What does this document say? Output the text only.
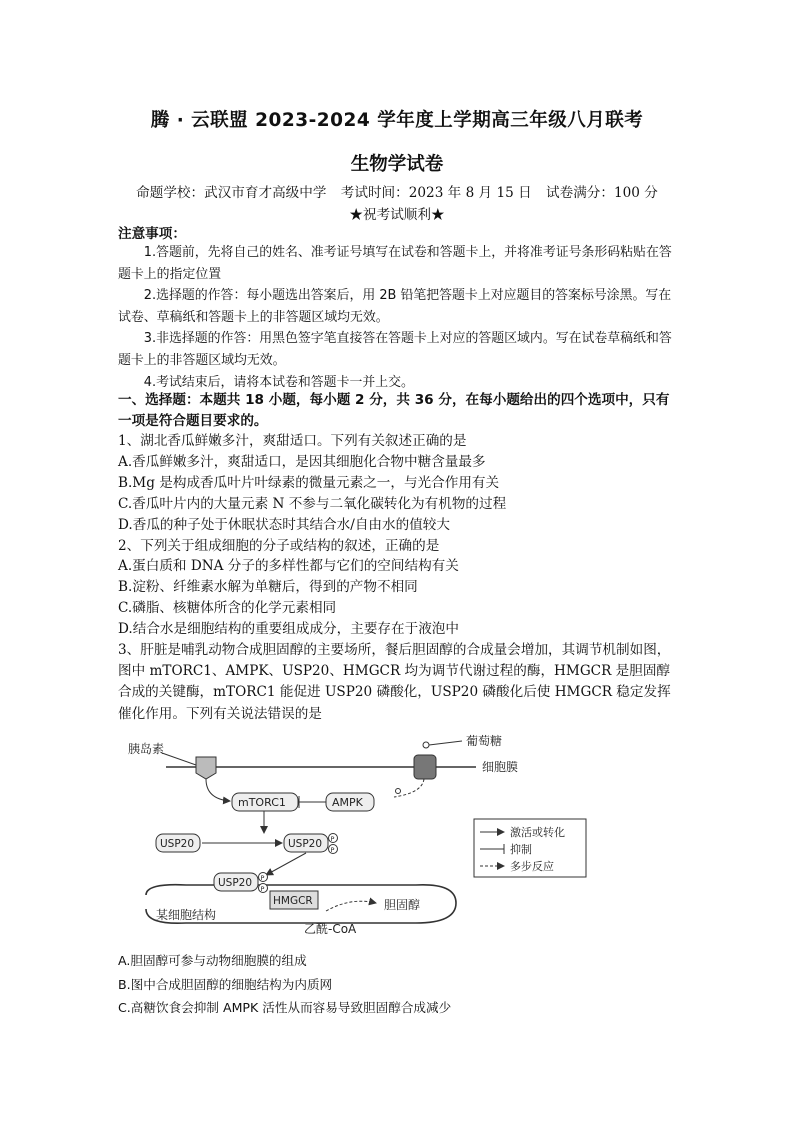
腾 · 云联盟 2023-2024 学年度上学期高三年级八月联考
生物学试卷
命题学校：武汉市育才高级中学 考试时间：2023 年 8 月 15 日 试卷满分：100 分
★祝考试顺利★
注意事项：

1.答题前，先将自己的姓名、准考证号填写在试卷和答题卡上，并将准考证号条形码粘贴在答题卡上的指定位置

2.选择题的作答：每小题选出答案后，用 2B 铅笔把答题卡上对应题目的答案标号涂黑。写在试卷、草稿纸和答题卡上的非答题区域均无效。

3.非选择题的作答：用黑色签字笔直接答在答题卡上对应的答题区域内。写在试卷草稿纸和答题卡上的非答题区域均无效。

4.考试结束后，请将本试卷和答题卡一并上交。

一、选择题：本题共 18 小题，每小题 2 分，共 36 分，在每小题给出的四个选项中，只有一项是符合题目要求的。
1、湖北香瓜鲜嫩多汁，爽甜适口。下列有关叙述正确的是
A.香瓜鲜嫩多汁，爽甜适口，是因其细胞化合物中糖含量最多
B.Mg 是构成香瓜叶片叶绿素的微量元素之一，与光合作用有关
C.香瓜叶片内的大量元素 N 不参与二氧化碳转化为有机物的过程
D.香瓜的种子处于休眠状态时其结合水/自由水的值较大
2、下列关于组成细胞的分子或结构的叙述，正确的是
A.蛋白质和 DNA 分子的多样性都与它们的空间结构有关
B.淀粉、纤维素水解为单糖后，得到的产物不相同
C.磷脂、核糖体所含的化学元素相同
D.结合水是细胞结构的重要组成成分，主要存在于液泡中

3、肝脏是哺乳动物合成胆固醇的主要场所，餐后胆固醇的合成量会增加，其调节机制如图，图中 mTORC1、AMPK、USP20、HMGCR 均为调节代谢过程的酶，HMGCR 是胆固醇合成的关键酶，mTORC1 能促进 USP20 磷酸化，USP20 磷酸化后使 HMGCR 稳定发挥催化作用。下列有关说法错误的是

胰岛素
葡萄糖
细胞膜
mTORC1	AMPK
USP20	USP20 P
P
USP20 P
P
HMGCR	胆固醇
乙酰-CoA
某细胞结构
激活或转化
抑制
多步反应
A.胆固醇可参与动物细胞膜的组成
B.图中合成胆固醇的细胞结构为内质网
C.高糖饮食会抑制 AMPK 活性从而容易导致胆固醇合成减少
